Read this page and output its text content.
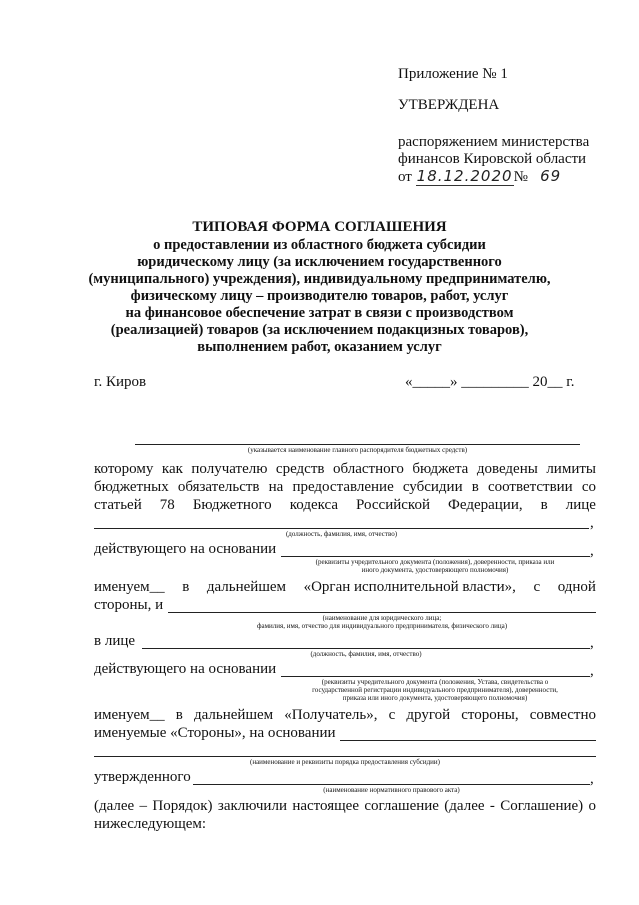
Приложение № 1
УТВЕРЖДЕНА
распоряжением министерства
финансов Кировской области
от 18.12.2020№ 69
ТИПОВАЯ ФОРМА СОГЛАШЕНИЯ
о предоставлении из областного бюджета субсидии
юридическому лицу (за исключением государственного
(муниципального) учреждения), индивидуальному предпринимателю,
физическому лицу – производителю товаров, работ, услуг
на финансовое обеспечение затрат в связи с производством
(реализацией) товаров (за исключением подакцизных товаров),
выполнением работ, оказанием услуг
г. Киров	«_____» _________ 20__ г.
(указывается наименование главного распорядителя бюджетных средств)
которому как получателю средств областного бюджета доведены лимиты
бюджетных обязательств на предоставление субсидии в соответствии со
статьей 78 Бюджетного кодекса Российской Федерации, в лице
,
(должность, фамилия, имя, отчество)
действующего на основании	,
(реквизиты учредительного документа (положения), доверенности, приказа или
иного документа, удостоверяющего полномочия)
именуем__ в дальнейшем «Орган исполнительной власти», с одной
стороны, и
(наименование для юридического лица;
фамилия, имя, отчество для индивидуального предпринимателя, физического лица)
в лице	,
(должность, фамилия, имя, отчество)
действующего на основании	,
(реквизиты учредительного документа (положения, Устава, свидетельства о
государственной регистрации индивидуального предпринимателя), доверенности,
приказа или иного документа, удостоверяющего полномочия)
именуем__ в дальнейшем «Получатель», с другой стороны, совместно
именуемые «Стороны», на основании
(наименование и реквизиты порядка предоставления субсидии)
утвержденного	,
(наименование нормативного правового акта)
(далее – Порядок) заключили настоящее соглашение (далее - Соглашение) о
нижеследующем:
